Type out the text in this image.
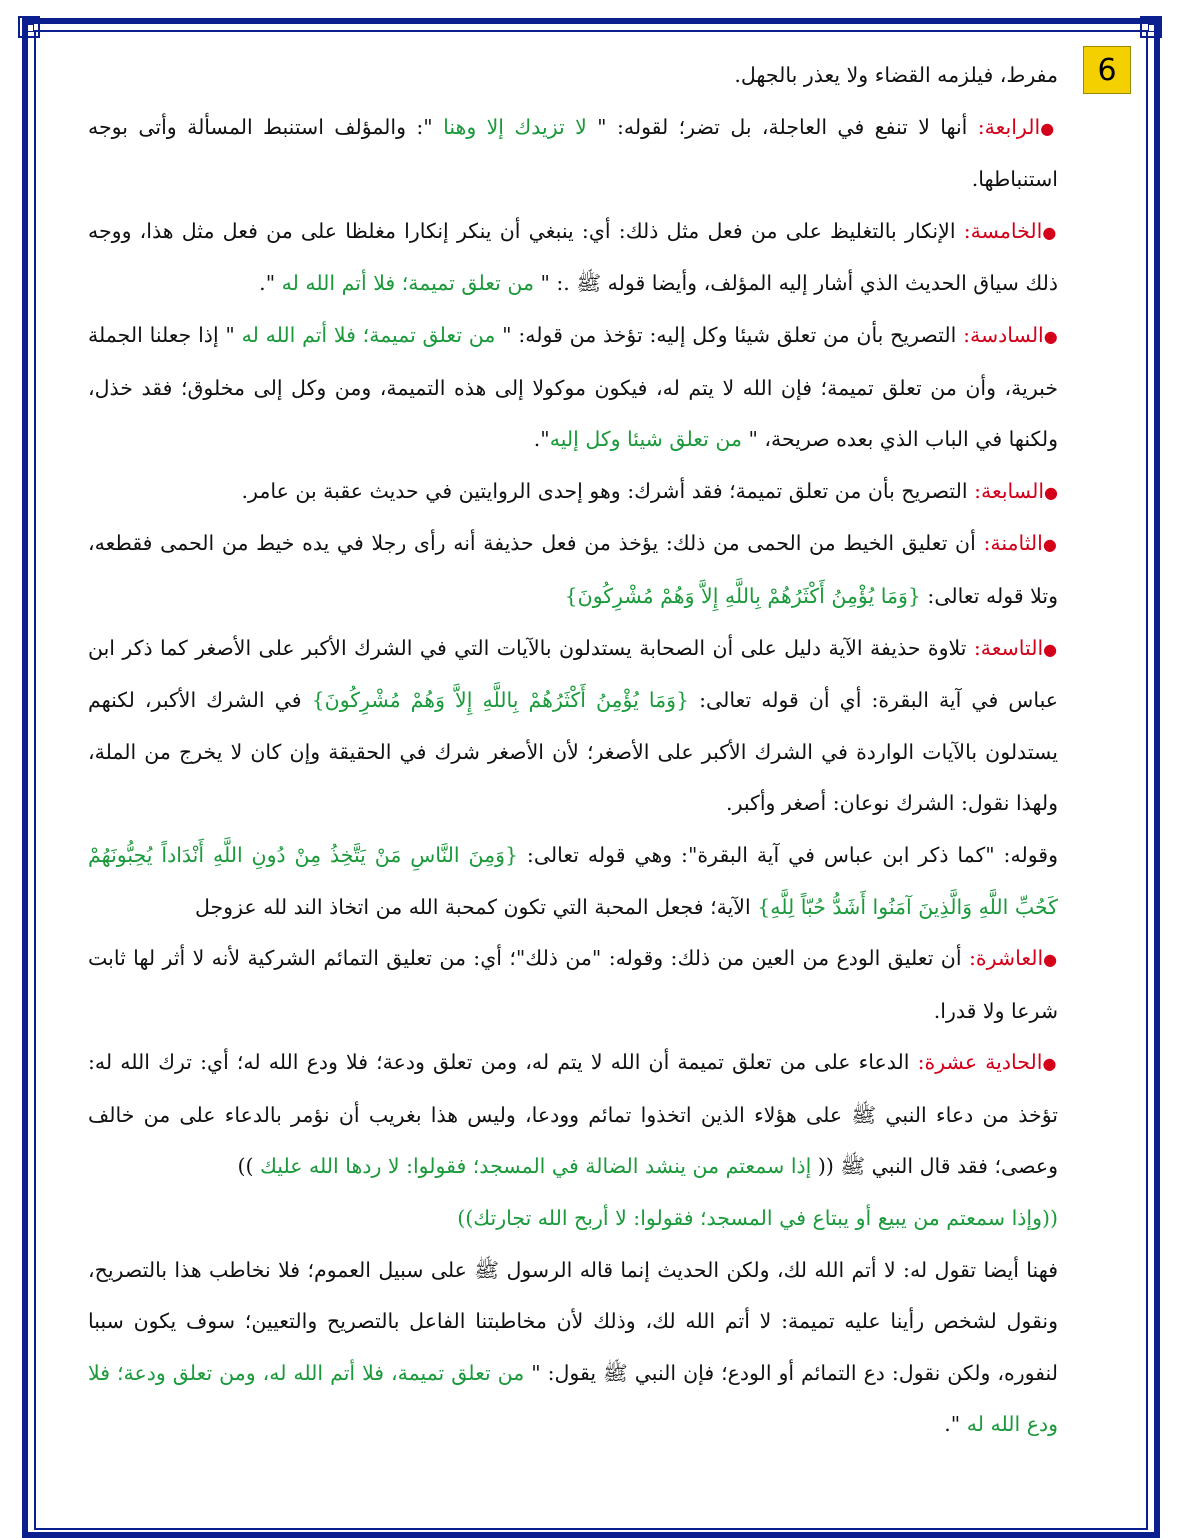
6

مفرط، فيلزمه القضاء ولا يعذر بالجهل.

●الرابعة: أنها لا تنفع في العاجلة، بل تضر؛ لقوله: " لا تزيدك إلا وهنا ": والمؤلف استنبط المسألة وأتى بوجه استنباطها.

●الخامسة: الإنكار بالتغليظ على من فعل مثل ذلك: أي: ينبغي أن ينكر إنكارا مغلظا على من فعل مثل هذا، ووجه ذلك سياق الحديث الذي أشار إليه المؤلف، وأيضا قوله ﷺ .: " من تعلق تميمة؛ فلا أتم الله له ".

●السادسة: التصريح بأن من تعلق شيئا وكل إليه: تؤخذ من قوله: " من تعلق تميمة؛ فلا أتم الله له " إذا جعلنا الجملة خبرية، وأن من تعلق تميمة؛ فإن الله لا يتم له، فيكون موكولا إلى هذه التميمة، ومن وكل إلى مخلوق؛ فقد خذل، ولكنها في الباب الذي بعده صريحة، " من تعلق شيئا وكل إليه".

●السابعة: التصريح بأن من تعلق تميمة؛ فقد أشرك: وهو إحدى الروايتين في حديث عقبة بن عامر.

●الثامنة: أن تعليق الخيط من الحمى من ذلك: يؤخذ من فعل حذيفة أنه رأى رجلا في يده خيط من الحمى فقطعه، وتلا قوله تعالى: {وَمَا يُؤْمِنُ أَكْثَرُهُمْ بِاللَّهِ إِلاَّ وَهُمْ مُشْرِكُونَ}

●التاسعة: تلاوة حذيفة الآية دليل على أن الصحابة يستدلون بالآيات التي في الشرك الأكبر على الأصغر كما ذكر ابن عباس في آية البقرة: أي أن قوله تعالى: {وَمَا يُؤْمِنُ أَكْثَرُهُمْ بِاللَّهِ إِلاَّ وَهُمْ مُشْرِكُونَ} في الشرك الأكبر، لكنهم يستدلون بالآيات الواردة في الشرك الأكبر على الأصغر؛ لأن الأصغر شرك في الحقيقة وإن كان لا يخرج من الملة، ولهذا نقول: الشرك نوعان: أصغر وأكبر.

وقوله: "كما ذكر ابن عباس في آية البقرة": وهي قوله تعالى: {وَمِنَ النَّاسِ مَنْ يَتَّخِذُ مِنْ دُونِ اللَّهِ أَنْدَاداً يُحِبُّونَهُمْ كَحُبِّ اللَّهِ وَالَّذِينَ آمَنُوا أَشَدُّ حُبّاً لِلَّهِ} الآية؛ فجعل المحبة التي تكون كمحبة الله من اتخاذ الند لله عزوجل

●العاشرة: أن تعليق الودع من العين من ذلك: وقوله: "من ذلك"؛ أي: من تعليق التمائم الشركية لأنه لا أثر لها ثابت شرعا ولا قدرا.

●الحادية عشرة: الدعاء على من تعلق تميمة أن الله لا يتم له، ومن تعلق ودعة؛ فلا ودع الله له؛ أي: ترك الله له: تؤخذ من دعاء النبي ﷺ على هؤلاء الذين اتخذوا تمائم وودعا، وليس هذا بغريب أن نؤمر بالدعاء على من خالف وعصى؛ فقد قال النبي ﷺ (( إذا سمعتم من ينشد الضالة في المسجد؛ فقولوا: لا ردها الله عليك ))

((وإذا سمعتم من يبيع أو يبتاع في المسجد؛ فقولوا: لا أربح الله تجارتك))

فهنا أيضا تقول له: لا أتم الله لك، ولكن الحديث إنما قاله الرسول ﷺ على سبيل العموم؛ فلا نخاطب هذا بالتصريح، ونقول لشخص رأينا عليه تميمة: لا أتم الله لك، وذلك لأن مخاطبتنا الفاعل بالتصريح والتعيين؛ سوف يكون سببا لنفوره، ولكن نقول: دع التمائم أو الودع؛ فإن النبي ﷺ يقول: " من تعلق تميمة، فلا أتم الله له، ومن تعلق ودعة؛ فلا ودع الله له ".
